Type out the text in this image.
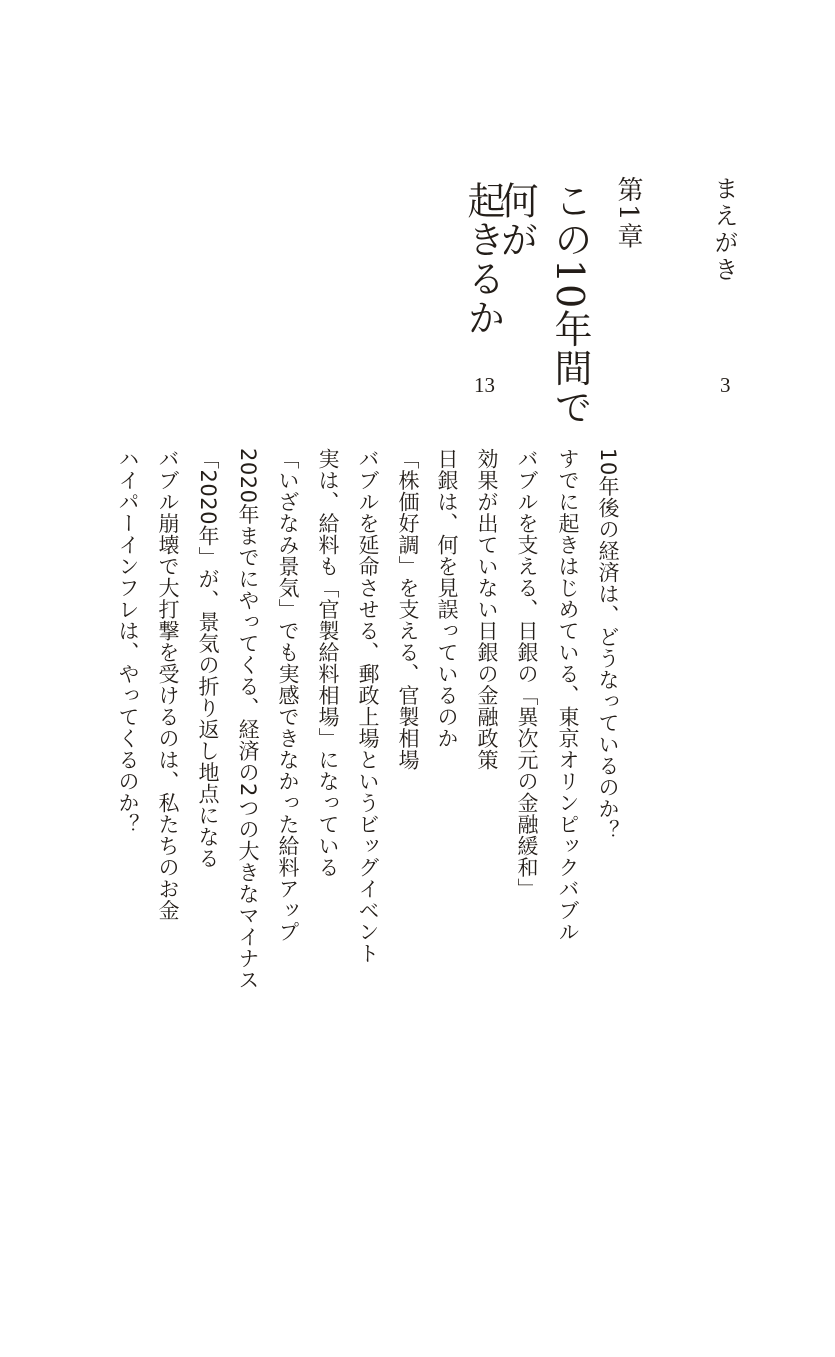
まえがき
3
第1章
この10年間で
何が
起きるか
13
10年後の経済は、どうなっているのか？
すでに起きはじめている、東京オリンピックバブル
バブルを支える、日銀の「異次元の金融緩和」
効果が出ていない日銀の金融政策
日銀は、何を見誤っているのか
「株価好調」を支える、官製相場
バブルを延命させる、郵政上場というビッグイベント
実は、給料も「官製給料相場」になっている
「いざなみ景気」でも実感できなかった給料アップ
2020年までにやってくる、経済の2つの大きなマイナス
「2020年」が、景気の折り返し地点になる
バブル崩壊で大打撃を受けるのは、私たちのお金
ハイパーインフレは、やってくるのか？
